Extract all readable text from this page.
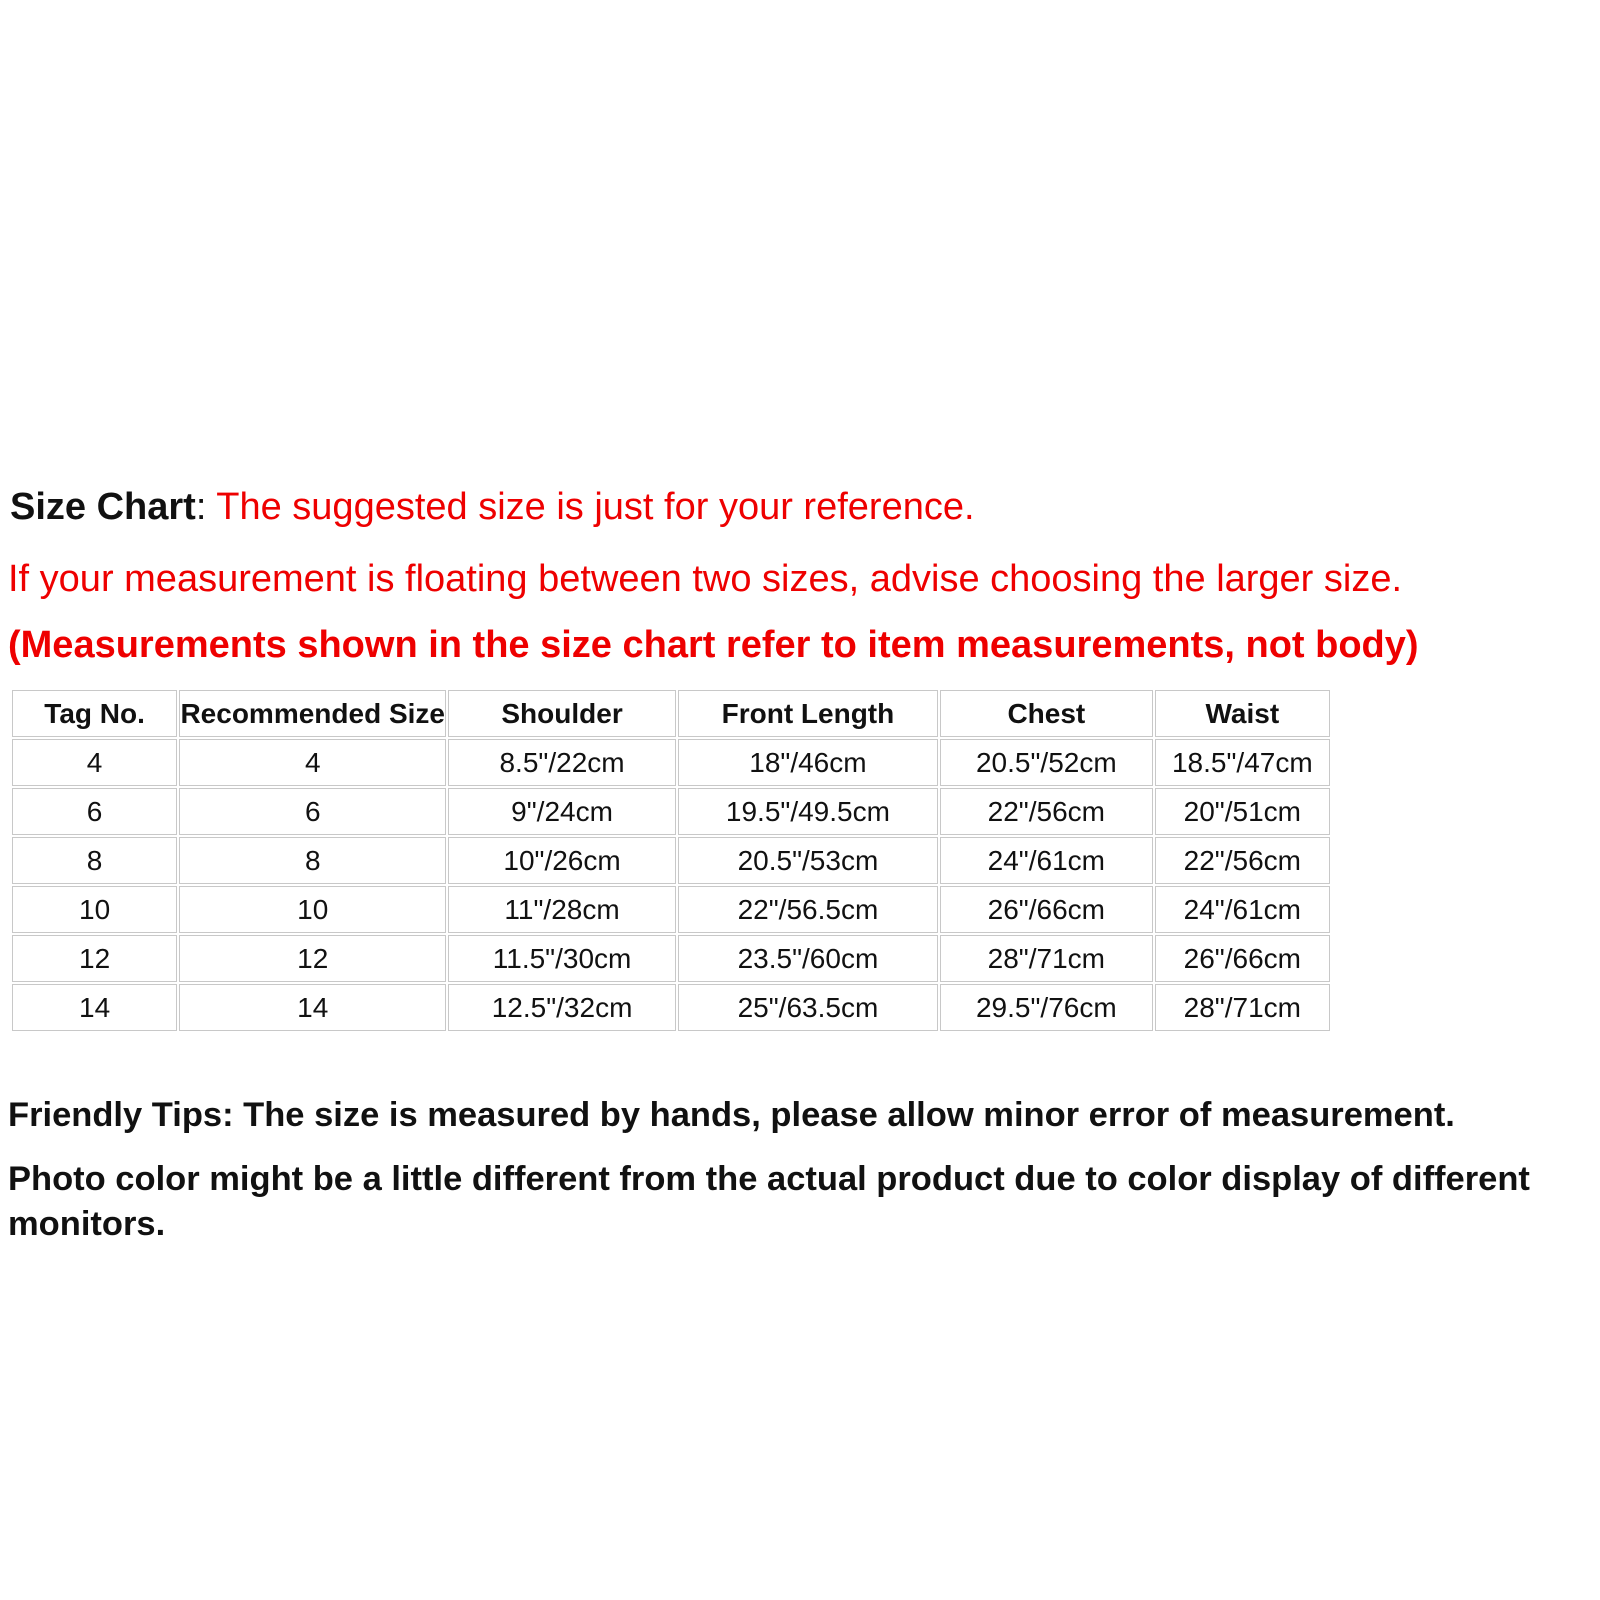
Size Chart: The suggested size is just for your reference.
If your measurement is floating between two sizes, advise choosing the larger size.
(Measurements shown in the size chart refer to item measurements, not body)
Tag No.	Recommended Size	Shoulder	Front Length	Chest	Waist
4	4	8.5"/22cm	18"/46cm	20.5"/52cm	18.5"/47cm
6	6	9"/24cm	19.5"/49.5cm	22"/56cm	20"/51cm
8	8	10"/26cm	20.5"/53cm	24"/61cm	22"/56cm
10	10	11"/28cm	22"/56.5cm	26"/66cm	24"/61cm
12	12	11.5"/30cm	23.5"/60cm	28"/71cm	26"/66cm
14	14	12.5"/32cm	25"/63.5cm	29.5"/76cm	28"/71cm
Friendly Tips: The size is measured by hands, please allow minor error of measurement.
Photo color might be a little different from the actual product due to color display of different monitors.
